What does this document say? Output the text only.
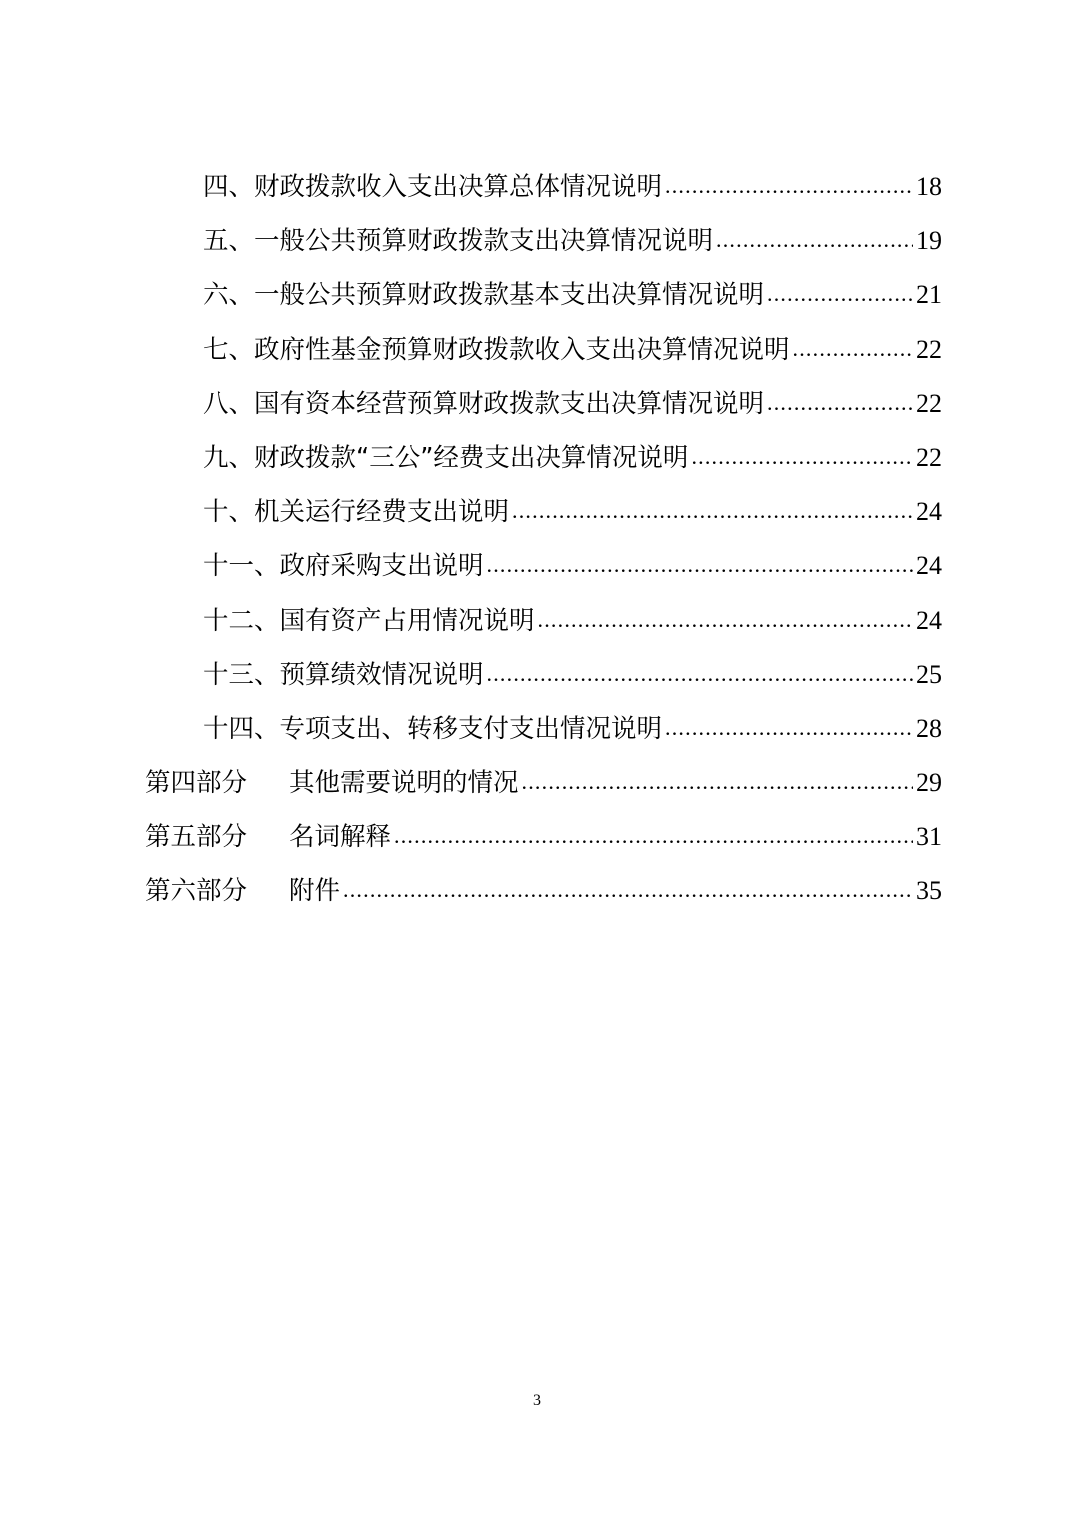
四、财政拨款收入支出决算总体情况说明 .....	18
五、一般公共预算财政拨款支出决算情况说明 .....	19
六、一般公共预算财政拨款基本支出决算情况说明 .....	21
七、政府性基金预算财政拨款收入支出决算情况说明 .....	22
八、国有资本经营预算财政拨款支出决算情况说明 .....	22
九、财政拨款“三公”经费支出决算情况说明 .....	22
十、机关运行经费支出说明 .....	24
十一、政府采购支出说明 .....	24
十二、国有资产占用情况说明 .....	24
十三、预算绩效情况说明 .....	25
十四、专项支出、转移支付支出情况说明 .....	28
第四部分	其他需要说明的情况 .....	29
第五部分	名词解释 .....	31
第六部分	附件 .....	35
3
